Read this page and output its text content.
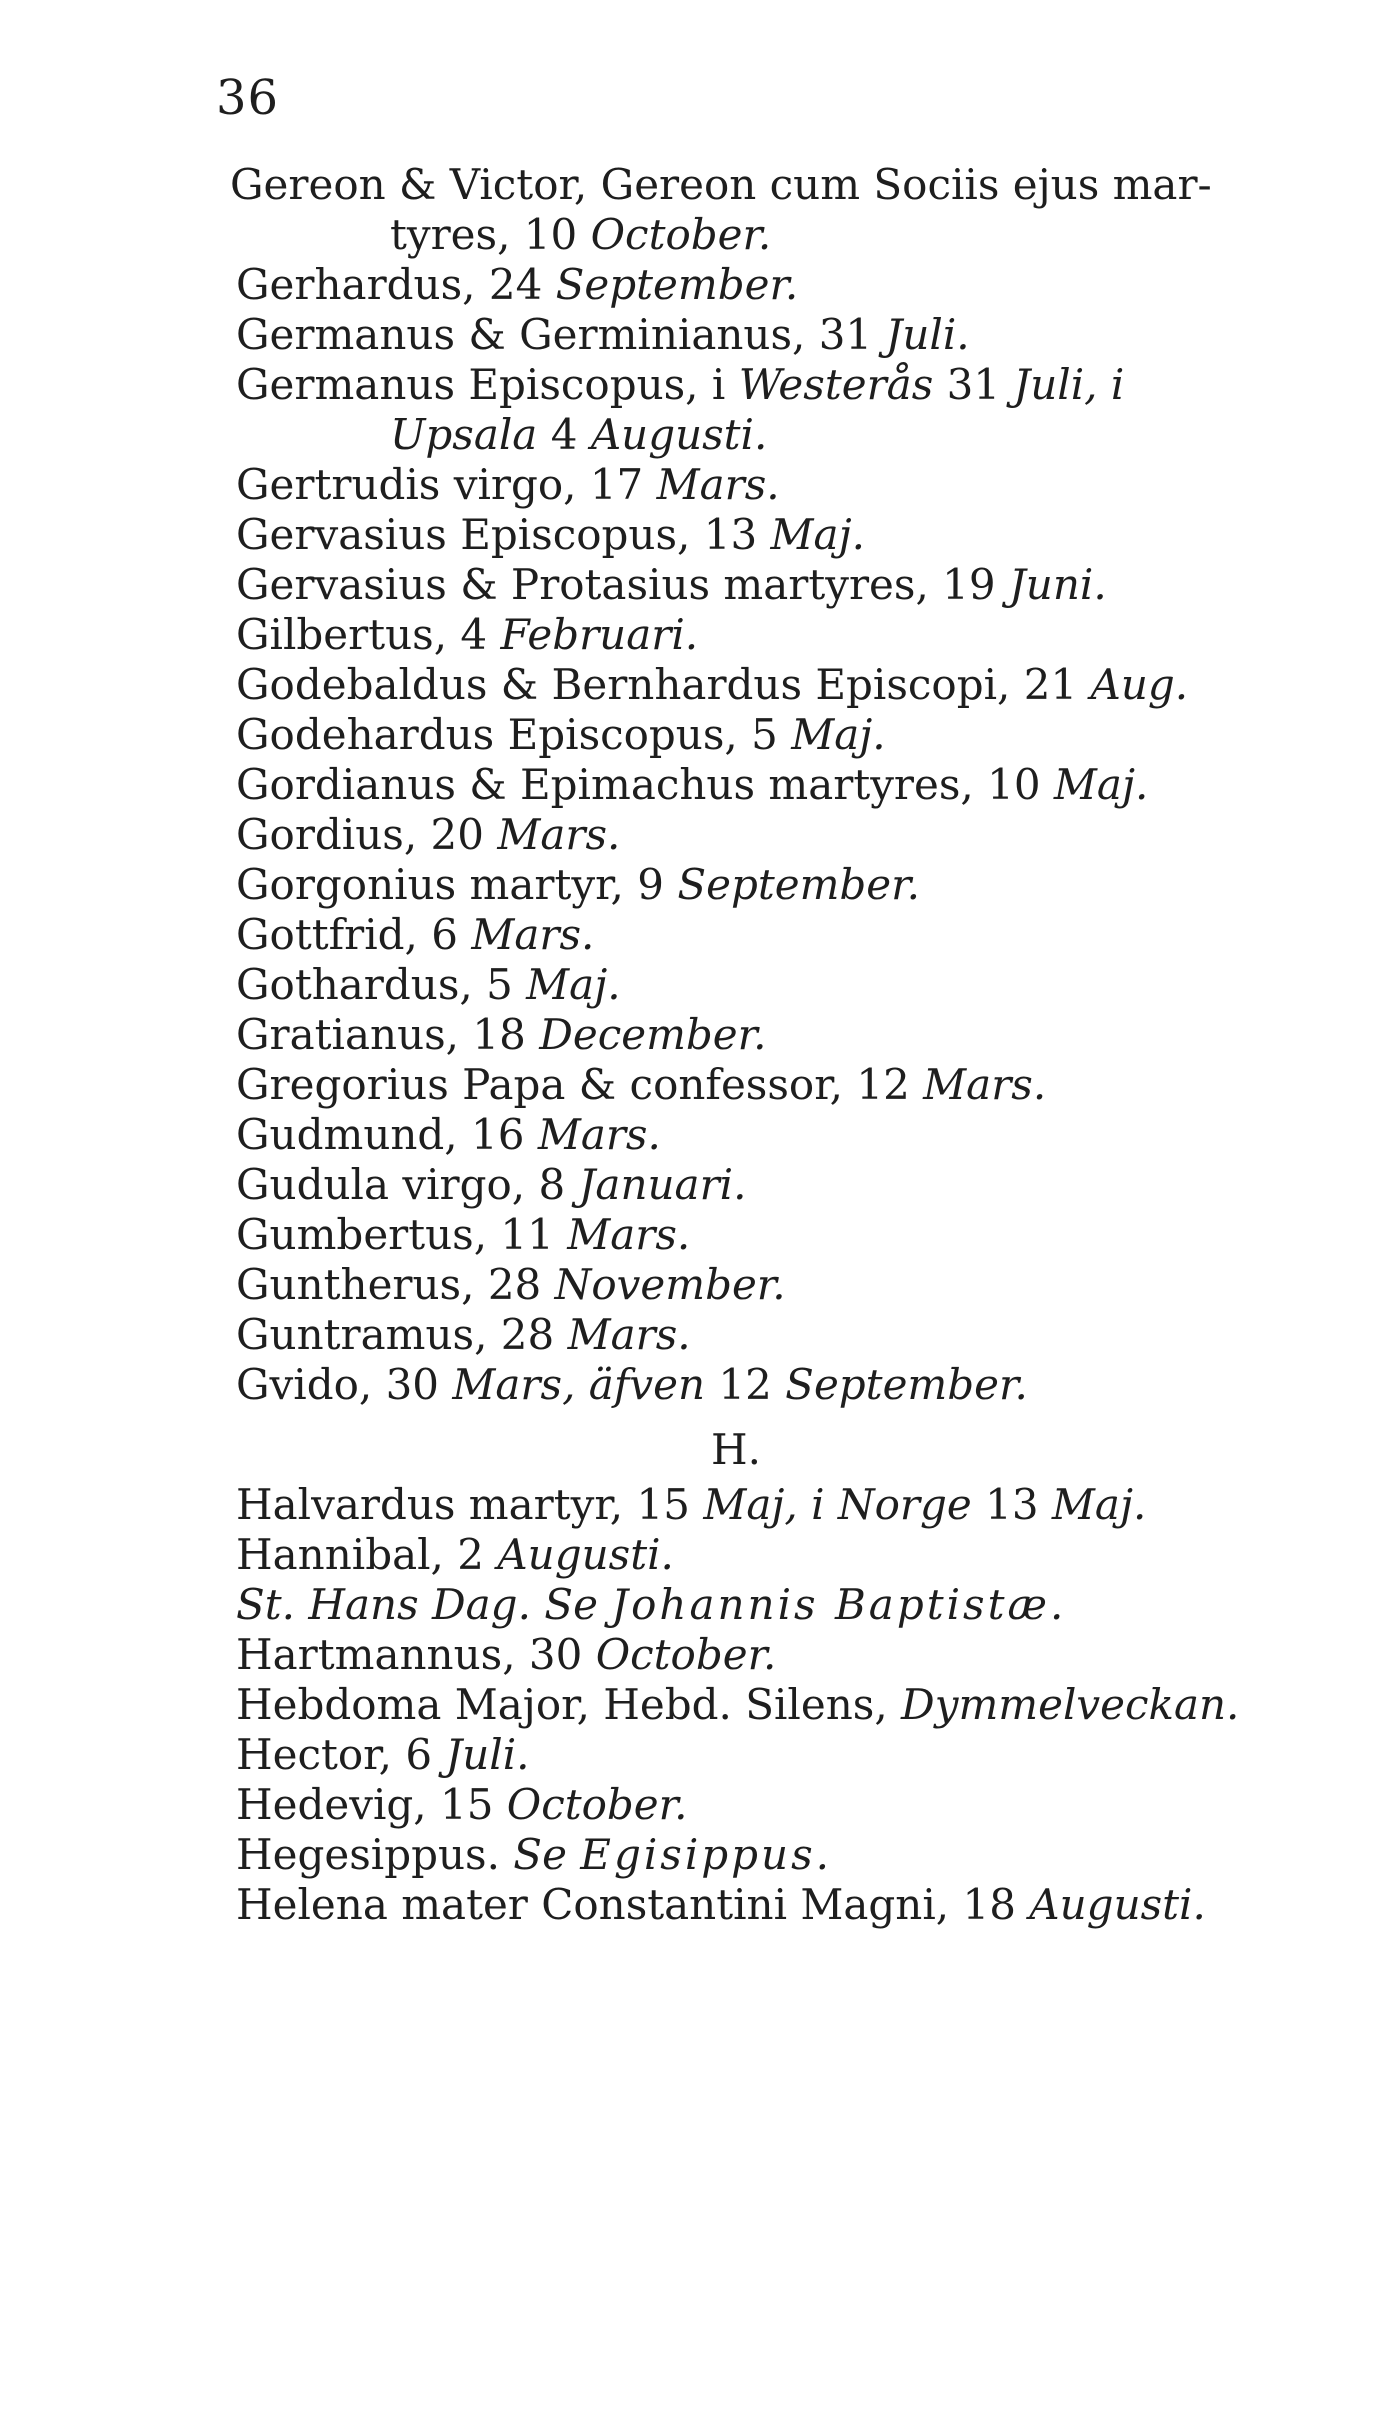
36
Gereon & Victor, Gereon cum Sociis ejus mar-
tyres, 10 October.
Gerhardus, 24 September.
Germanus & Germinianus, 31 Juli.
Germanus Episcopus, i Westerås 31 Juli, i
Upsala 4 Augusti.
Gertrudis virgo, 17 Mars.
Gervasius Episcopus, 13 Maj.
Gervasius & Protasius martyres, 19 Juni.
Gilbertus, 4 Februari.
Godebaldus & Bernhardus Episcopi, 21 Aug.
Godehardus Episcopus, 5 Maj.
Gordianus & Epimachus martyres, 10 Maj.
Gordius, 20 Mars.
Gorgonius martyr, 9 September.
Gottfrid, 6 Mars.
Gothardus, 5 Maj.
Gratianus, 18 December.
Gregorius Papa & confessor, 12 Mars.
Gudmund, 16 Mars.
Gudula virgo, 8 Januari.
Gumbertus, 11 Mars.
Guntherus, 28 November.
Guntramus, 28 Mars.
Gvido, 30 Mars, äfven 12 September.
H.
Halvardus martyr, 15 Maj, i Norge 13 Maj.
Hannibal, 2 Augusti.
St. Hans Dag. Se Johannis Baptistæ.
Hartmannus, 30 October.
Hebdoma Major, Hebd. Silens, Dymmelveckan.
Hector, 6 Juli.
Hedevig, 15 October.
Hegesippus. Se Egisippus.
Helena mater Constantini Magni, 18 Augusti.
